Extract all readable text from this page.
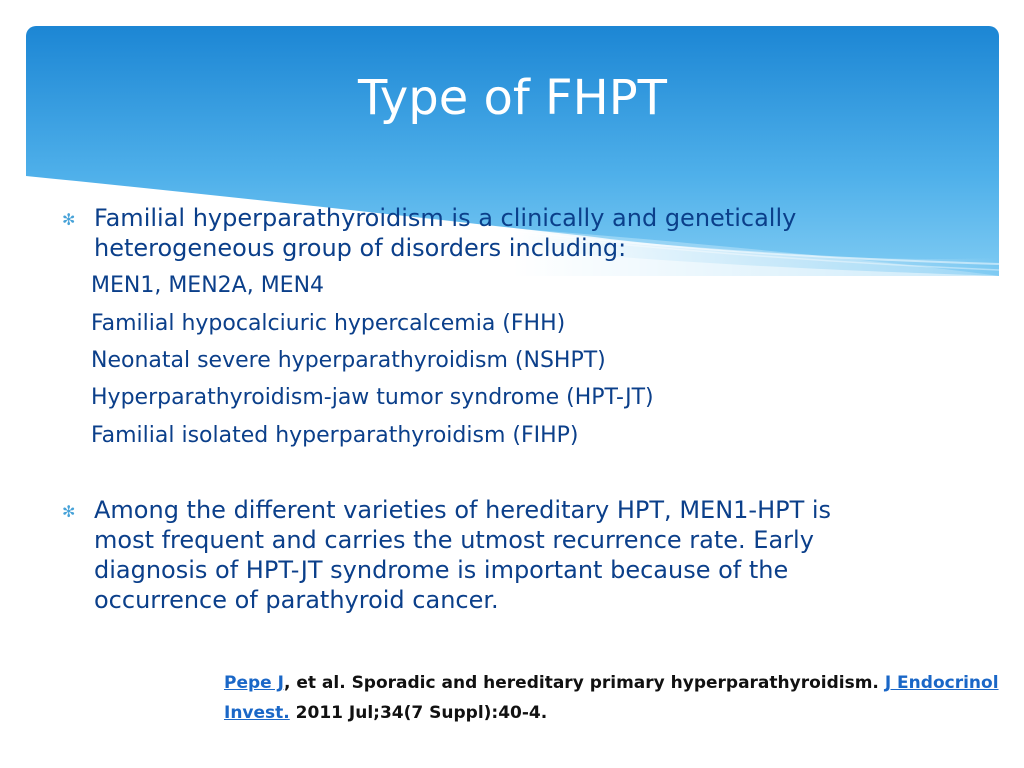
Type of FHPT
✻ Familial hyperparathyroidism is a clinically and genetically
heterogeneous group of disorders including:
MEN1, MEN2A, MEN4
Familial hypocalciuric hypercalcemia (FHH)
Neonatal severe hyperparathyroidism (NSHPT)
Hyperparathyroidism-jaw tumor syndrome (HPT-JT)
Familial isolated hyperparathyroidism (FIHP)
✻ Among the different varieties of hereditary HPT, MEN1-HPT is
most frequent and carries the utmost recurrence rate. Early
diagnosis of HPT-JT syndrome is important because of the
occurrence of parathyroid cancer.
Pepe J, et al. Sporadic and hereditary primary hyperparathyroidism. J Endocrinol Invest. 2011 Jul;34(7 Suppl):40-4.
